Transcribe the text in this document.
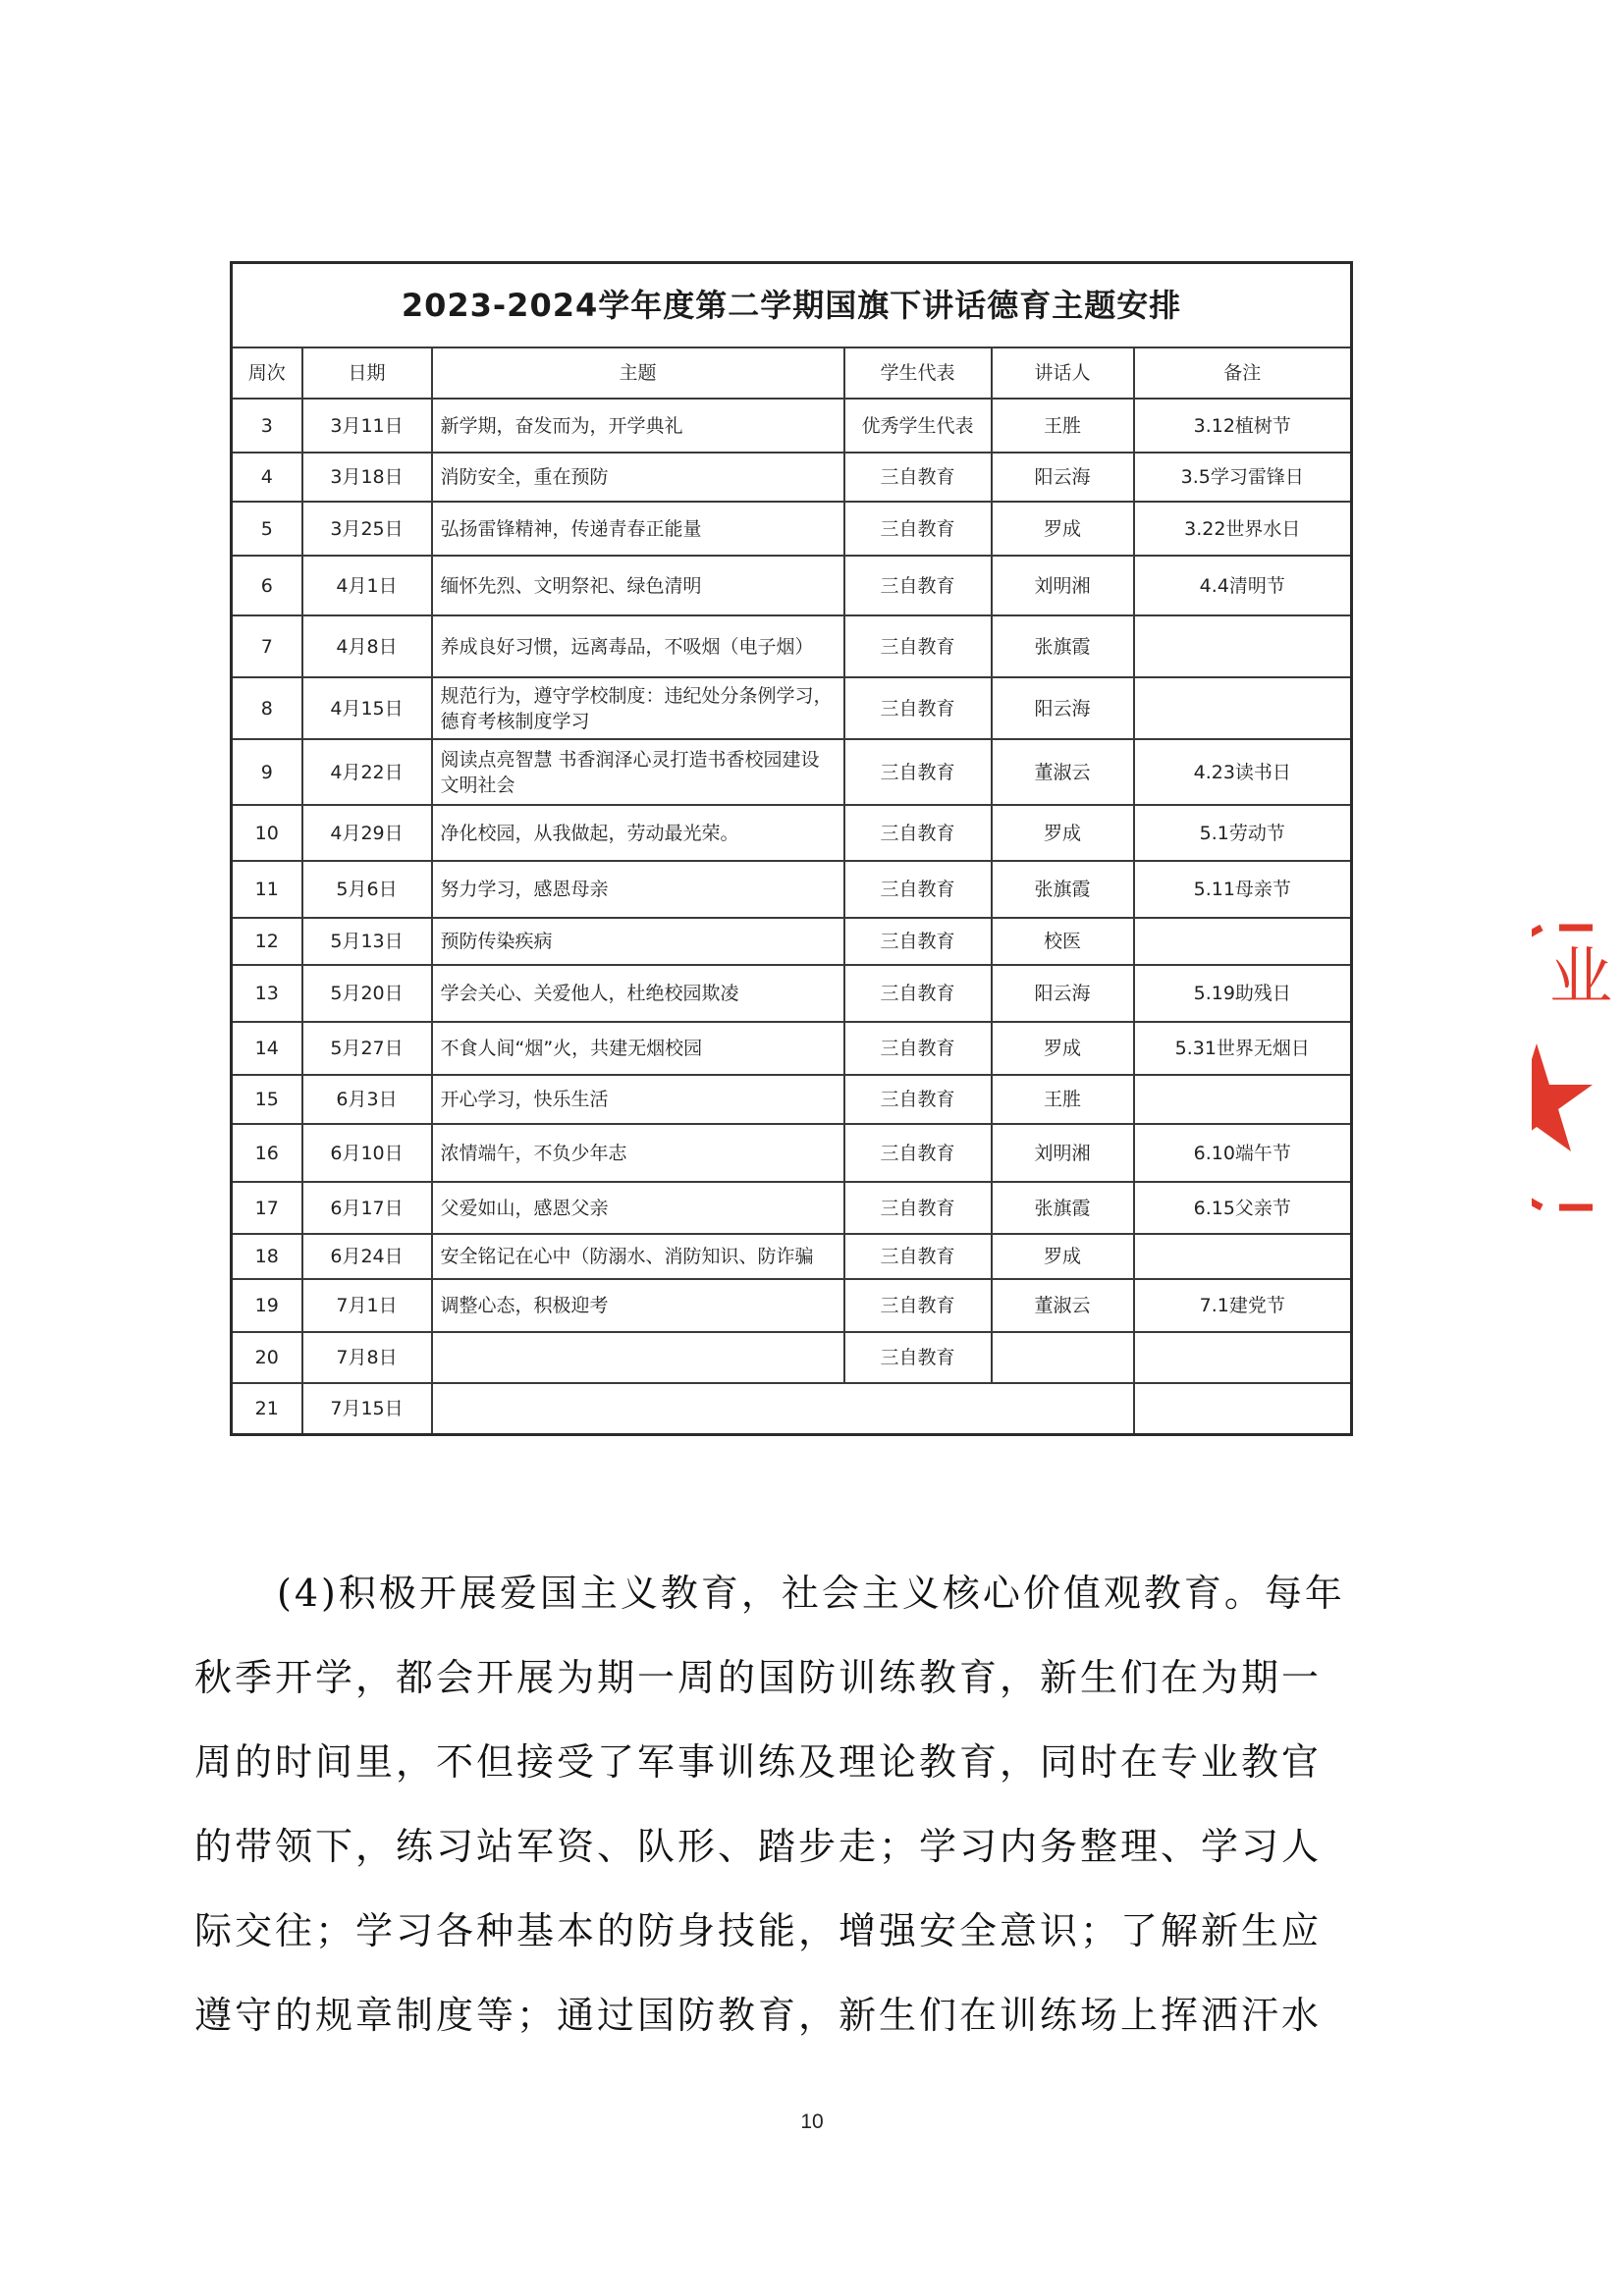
2023-2024学年度第二学期国旗下讲话德育主题安排					
周次	日期	主题	学生代表	讲话人	备注
3	3月11日	新学期，奋发而为，开学典礼	优秀学生代表	王胜	3.12植树节
4	3月18日	消防安全，重在预防	三自教育	阳云海	3.5学习雷锋日
5	3月25日	弘扬雷锋精神，传递青春正能量	三自教育	罗成	3.22世界水日
6	4月1日	缅怀先烈、文明祭祀、绿色清明	三自教育	刘明湘	4.4清明节
7	4月8日	养成良好习惯，远离毒品，不吸烟（电子烟）	三自教育	张旗霞	
8	4月15日	规范行为，遵守学校制度：违纪处分条例学习，德育考核制度学习	三自教育	阳云海	
9	4月22日	阅读点亮智慧 书香润泽心灵打造书香校园建设文明社会	三自教育	董淑云	4.23读书日
10	4月29日	净化校园，从我做起，劳动最光荣。	三自教育	罗成	5.1劳动节
11	5月6日	努力学习，感恩母亲	三自教育	张旗霞	5.11母亲节
12	5月13日	预防传染疾病	三自教育	校医	
13	5月20日	学会关心、关爱他人，杜绝校园欺凌	三自教育	阳云海	5.19助残日
14	5月27日	不食人间“烟”火，共建无烟校园	三自教育	罗成	5.31世界无烟日
15	6月3日	开心学习，快乐生活	三自教育	王胜	
16	6月10日	浓情端午，不负少年志	三自教育	刘明湘	6.10端午节
17	6月17日	父爱如山，感恩父亲	三自教育	张旗霞	6.15父亲节
18	6月24日	安全铭记在心中（防溺水、消防知识、防诈骗	三自教育	罗成	
19	7月1日	调整心态，积极迎考	三自教育	董淑云	7.1建党节
20	7月8日		三自教育		
21	7月15日				
(4)积极开展爱国主义教育，社会主义核心价值观教育。每年
秋季开学，都会开展为期一周的国防训练教育，新生们在为期一
周的时间里，不但接受了军事训练及理论教育，同时在专业教官
的带领下，练习站军资、队形、踏步走；学习内务整理、学习人
际交往；学习各种基本的防身技能，增强安全意识；了解新生应
遵守的规章制度等；通过国防教育，新生们在训练场上挥洒汗水
10
业
